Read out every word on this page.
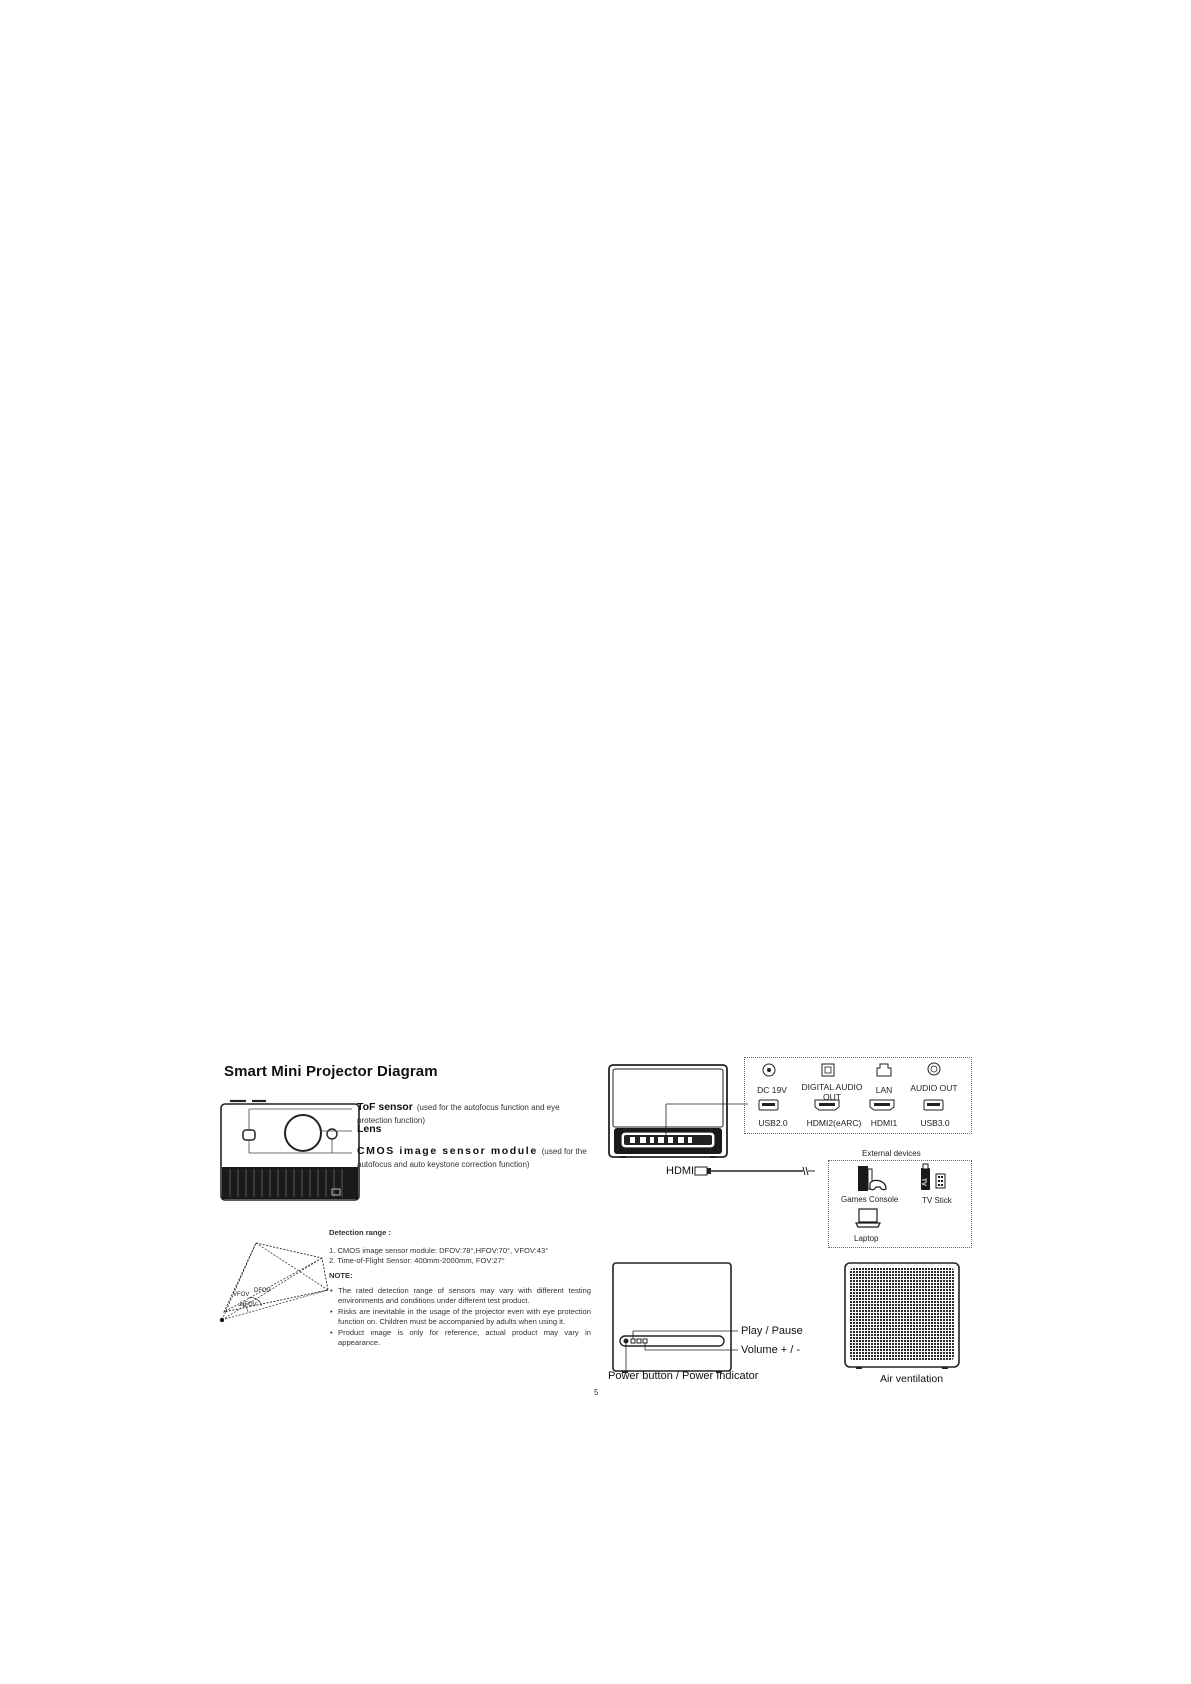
Smart Mini Projector Diagram
ToF sensor (used for the autofocus function and eye
protection function)
Lens
CMOS image sensor module (used for the
autofocus and auto keystone correction function)
VFOV
DFOV
HFOV
Detection range :
1. CMOS image sensor module: DFOV:78°,HFOV:70°, VFOV:43°
2. Time-of-Flight Sensor: 400mm-2000mm, FOV:27°
NOTE:
• The rated detection range of sensors may vary with different testing environments and conditions under different test product.
• Risks are inevitable in the usage of the projector even with eye protection function on. Children must be accompanied by adults when using it.
• Product image is only for reference, actual product may vary in appearance.
DC 19V	DIGITAL AUDIO OUT
LAN	AUDIO OUT
USB2.0	HDMI2(eARC)	HDMI1	USB3.0
HDMI
External devices
TV
Games Console	TV Stick
Laptop
Play / Pause
Volume + / -
Power button / Power Indicator	Air ventilation
5
